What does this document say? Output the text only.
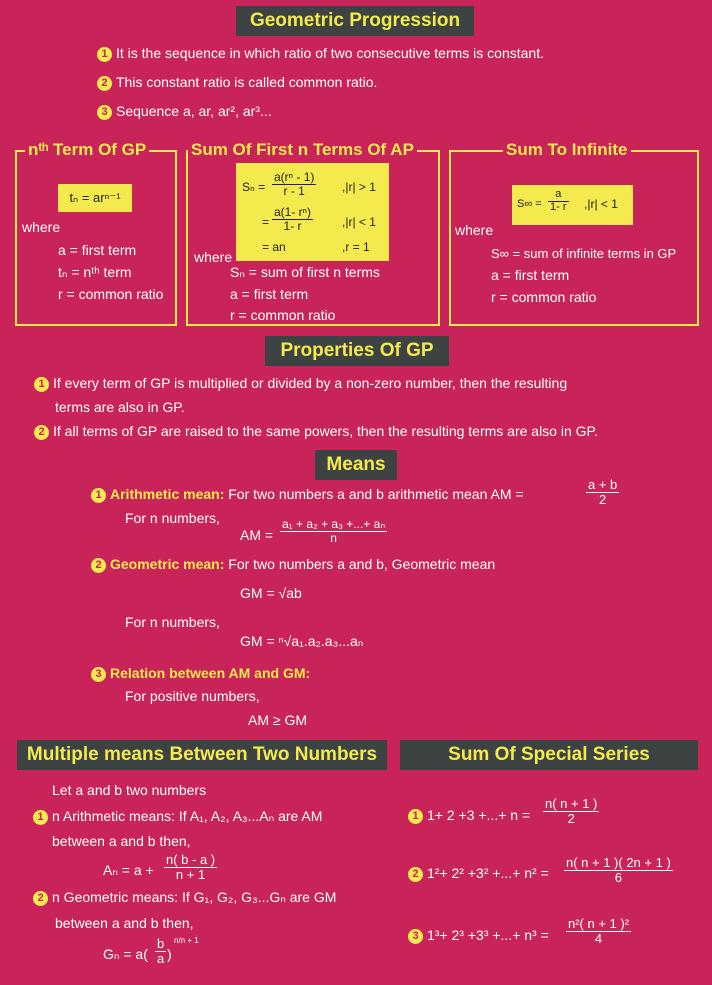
Geometric Progression
1 It is the sequence in which ratio of two consecutive terms is constant.
2 This constant ratio is called common ratio.
3 Sequence a, ar, ar², ar³...
nᵗʰ Term Of GP
tₙ = arⁿ⁻¹
where
a = first term
tₙ = nᵗʰ term
r = common ratio
Sum Of First n Terms Of AP
$S_n = \frac{\text{a(rⁿ - 1)}}{r - 1} ,|r| > 1$
= $\frac{\text{a(1- rⁿ)}}{1- r} ,|r| < 1$
= an	,r = 1
where
Sₙ = sum of first n terms
a = first term
r = common ratio
Sum To Infinite
$S\infty = \frac{a}{1- r} ,|r| < 1$
where
S∞ = sum of infinite terms in GP
a = first term
r = common ratio
Properties Of GP
1 If every term of GP is multiplied or divided by a non-zero number, then the resulting
terms are also in GP.
2 If all terms of GP are raised to the same powers, then the resulting terms are also in GP.
Means
1 Arithmetic mean: For two numbers a and b arithmetic mean AM =	$\frac{a + b}{2}$
For n numbers,
AM = $\frac{\text{a₁ + a₂ + a₃ +...+ aₙ}}{n}$
2 Geometric mean: For two numbers a and b, Geometric mean
GM = √ab
For n numbers,
GM = ⁿ√a₁.a₂.a₃...aₙ
3 Relation between AM and GM:
For positive numbers,
AM ≥ GM
Multiple means Between Two Numbers
Let a and b two numbers
1 n Arithmetic means: If A₁, A₂, A₃...Aₙ are AM
between a and b then,
$A_n = a + \frac{n( b - a )}{n + 1}$
2 n Geometric means: If G₁, G₂, G₃...Gₙ are GM
between a and b then,
$G_n = a( \frac{b}{a}$ )
n/n + 1
Sum Of Special Series
1 1+ 2 +3 +...+ $n = \frac{n( n + 1 )}{2}$
2 1²+ 2² +3² +...+ $n^2 = \frac{n( n + 1 )( 2n + 1 )}{6}$
3 1³+ 2³ +3³ +...+ $n^3 = \frac{\text{n²( n + 1 )²}}{4}$
